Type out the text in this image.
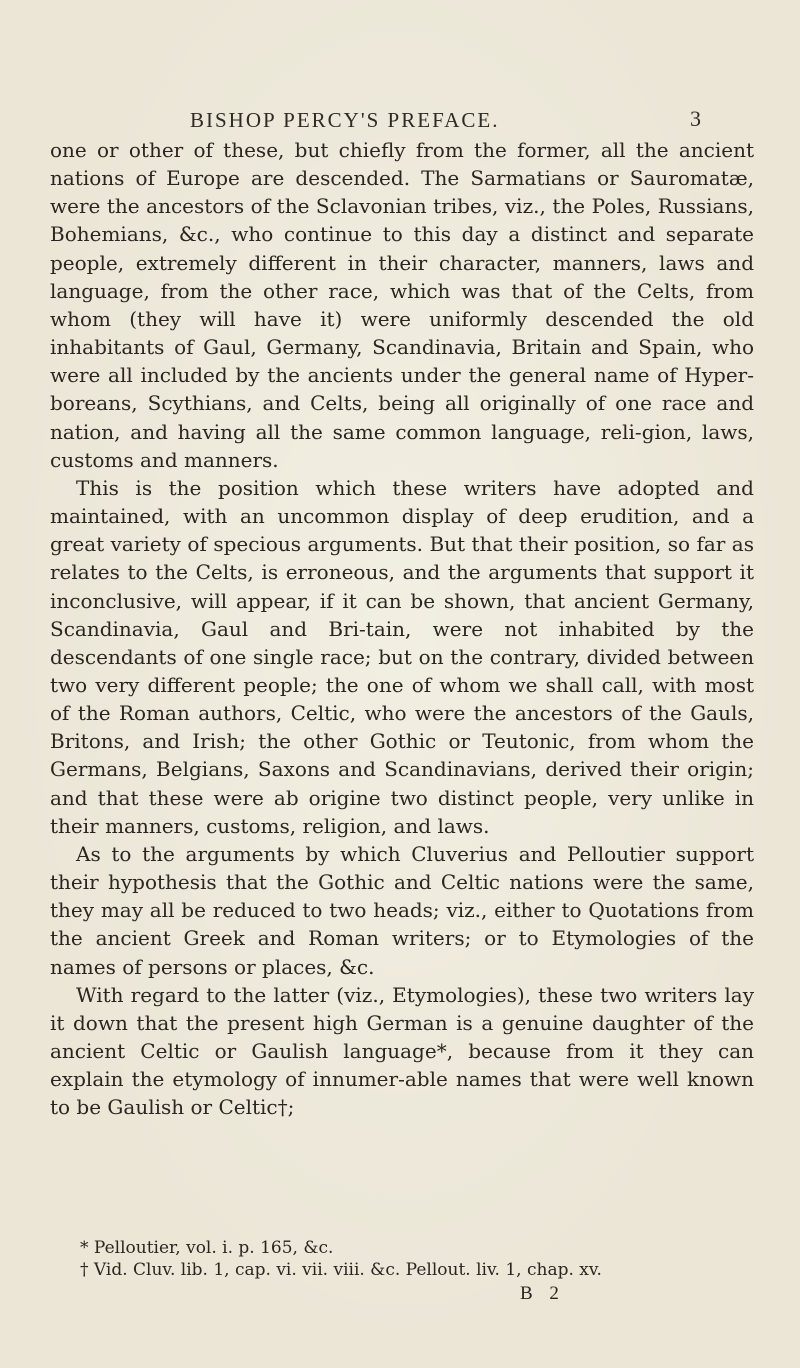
BISHOP PERCY'S PREFACE.	3

one or other of these, but chiefly from the former, all the ancient nations of Europe are descended. The Sarmatians or Sauromatæ, were the ancestors of the Sclavonian tribes, viz., the Poles, Russians, Bohemians, &c., who continue to this day a distinct and separate people, extremely different in their character, manners, laws and language, from the other race, which was that of the Celts, from whom (they will have it) were uniformly descended the old inhabitants of Gaul, Germany, Scandinavia, Britain and Spain, who were all included by the ancients under the general name of Hyper-boreans, Scythians, and Celts, being all originally of one race and nation, and having all the same common language, reli-gion, laws, customs and manners.

This is the position which these writers have adopted and maintained, with an uncommon display of deep erudition, and a great variety of specious arguments. But that their position, so far as relates to the Celts, is erroneous, and the arguments that support it inconclusive, will appear, if it can be shown, that ancient Germany, Scandinavia, Gaul and Bri-tain, were not inhabited by the descendants of one single race; but on the contrary, divided between two very different people; the one of whom we shall call, with most of the Roman authors, Celtic, who were the ancestors of the Gauls, Britons, and Irish; the other Gothic or Teutonic, from whom the Germans, Belgians, Saxons and Scandinavians, derived their origin; and that these were ab origine two distinct people, very unlike in their manners, customs, religion, and laws.

As to the arguments by which Cluverius and Pelloutier support their hypothesis that the Gothic and Celtic nations were the same, they may all be reduced to two heads; viz., either to Quotations from the ancient Greek and Roman writers; or to Etymologies of the names of persons or places, &c.

With regard to the latter (viz., Etymologies), these two writers lay it down that the present high German is a genuine daughter of the ancient Celtic or Gaulish language*, because from it they can explain the etymology of innumer-able names that were well known to be Gaulish or Celtic†;

* Pelloutier, vol. i. p. 165, &c.
† Vid. Cluv. lib. 1, cap. vi. vii. viii. &c. Pellout. liv. 1, chap. xv.
B 2
